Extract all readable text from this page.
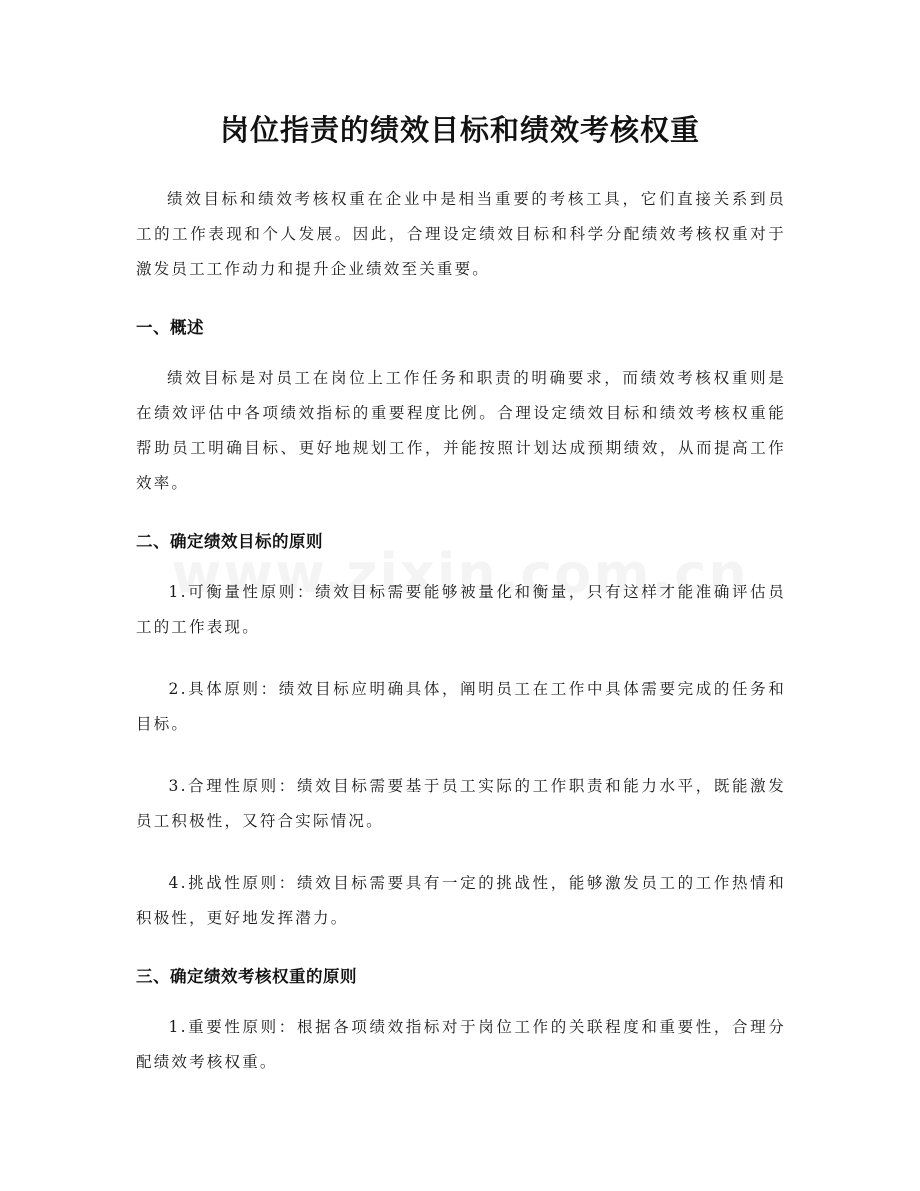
岗位指责的绩效目标和绩效考核权重

绩效目标和绩效考核权重在企业中是相当重要的考核工具，它们直接关系到员工的工作表现和个人发展。因此，合理设定绩效目标和科学分配绩效考核权重对于激发员工工作动力和提升企业绩效至关重要。

一、概述

绩效目标是对员工在岗位上工作任务和职责的明确要求，而绩效考核权重则是在绩效评估中各项绩效指标的重要程度比例。合理设定绩效目标和绩效考核权重能帮助员工明确目标、更好地规划工作，并能按照计划达成预期绩效，从而提高工作效率。

二、确定绩效目标的原则

1.可衡量性原则：绩效目标需要能够被量化和衡量，只有这样才能准确评估员工的工作表现。

2.具体原则：绩效目标应明确具体，阐明员工在工作中具体需要完成的任务和目标。

3.合理性原则：绩效目标需要基于员工实际的工作职责和能力水平，既能激发员工积极性，又符合实际情况。

4.挑战性原则：绩效目标需要具有一定的挑战性，能够激发员工的工作热情和积极性，更好地发挥潜力。

三、确定绩效考核权重的原则

1.重要性原则：根据各项绩效指标对于岗位工作的关联程度和重要性，合理分配绩效考核权重。
